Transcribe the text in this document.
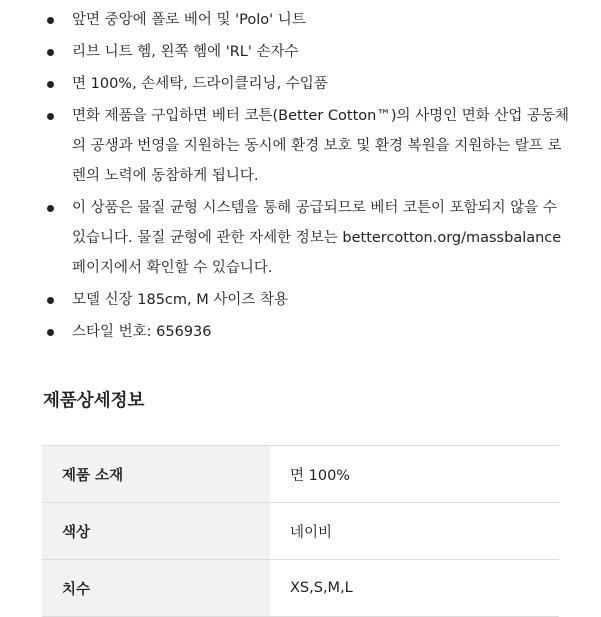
앞면 중앙에 폴로 베어 및 'Polo' 니트
리브 니트 헴, 왼쪽 헴에 'RL' 손자수
면 100%, 손세탁, 드라이클리닝, 수입품
면화 제품을 구입하면 베터 코튼(Better Cotton™)의 사명인 면화 산업 공동체의 공생과 번영을 지원하는 동시에 환경 보호 및 환경 복원을 지원하는 랄프 로렌의 노력에 동참하게 됩니다.
이 상품은 물질 균형 시스템을 통해 공급되므로 베터 코튼이 포함되지 않을 수 있습니다. 물질 균형에 관한 자세한 정보는 bettercotton.org/massbalance 페이지에서 확인할 수 있습니다.
모델 신장 185cm, M 사이즈 착용
스타일 번호: 656936
제품상세정보
제품 소재	면 100%
색상	네이비
치수	XS,S,M,L
